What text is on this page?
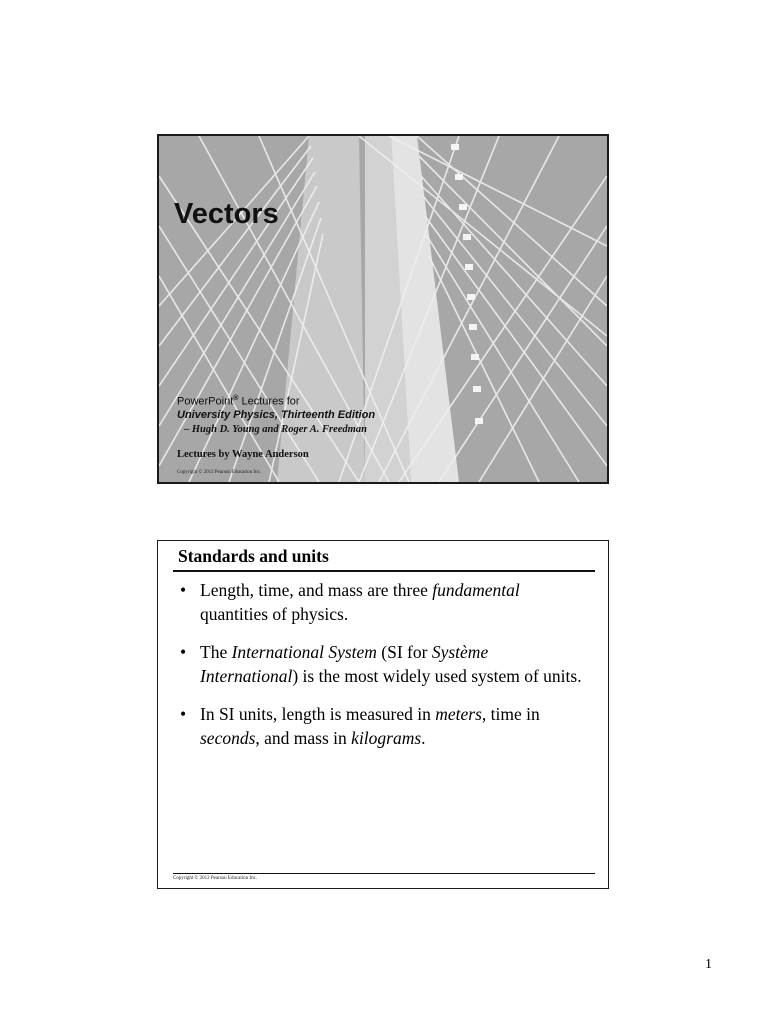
Vectors
PowerPoint® Lectures for
University Physics, Thirteenth Edition
– Hugh D. Young and Roger A. Freedman
Lectures by Wayne Anderson
Copyright © 2012 Pearson Education Inc.
Standards and units
• Length, time, and mass are three fundamental quantities of physics.
• The International System (SI for Système International) is the most widely used system of units.
• In SI units, length is measured in meters, time in seconds, and mass in kilograms.
Copyright © 2012 Pearson Education Inc.
1
